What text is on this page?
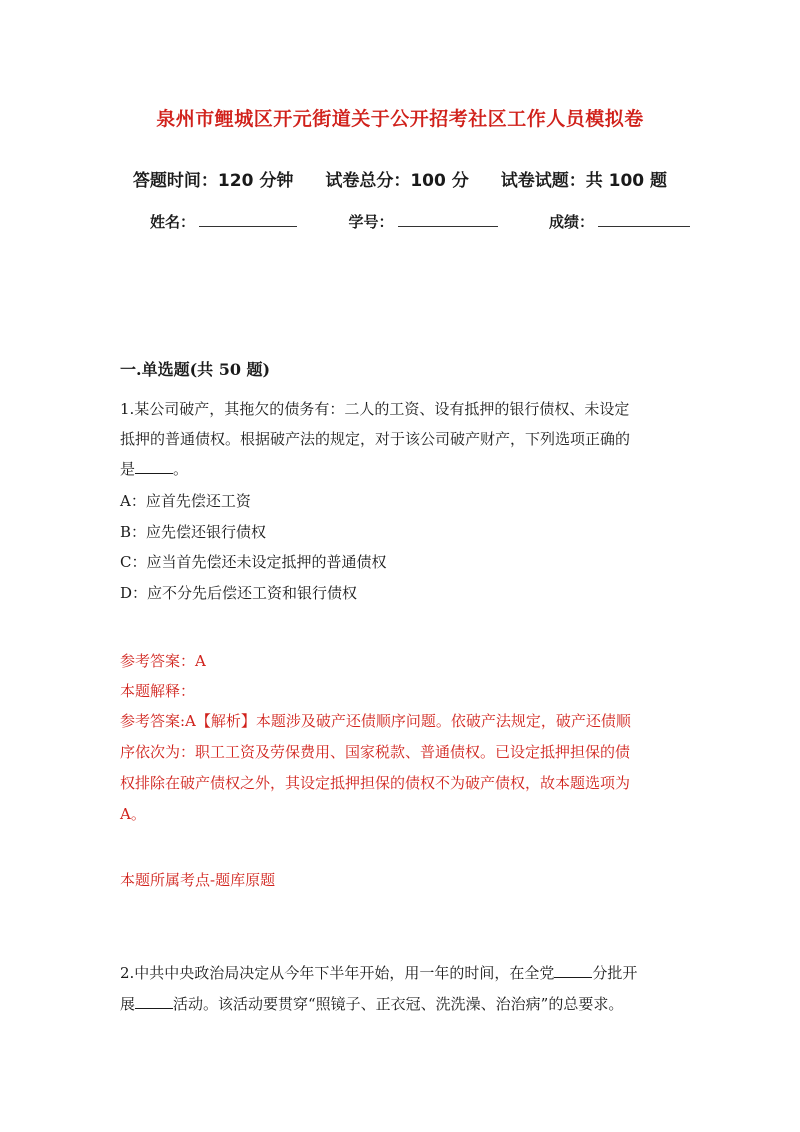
泉州市鲤城区开元街道关于公开招考社区工作人员模拟卷
答题时间：120 分钟 试卷总分：100 分 试卷试题：共 100 题
姓名：	学号：	成绩：
一.单选题(共 50 题)
1.某公司破产，其拖欠的债务有：二人的工资、设有抵押的银行债权、未设定
抵押的普通债权。根据破产法的规定，对于该公司破产财产，下列选项正确的
是	。
A：应首先偿还工资
B：应先偿还银行债权
C：应当首先偿还未设定抵押的普通债权
D：应不分先后偿还工资和银行债权
参考答案：A
本题解释：
参考答案:A【解析】本题涉及破产还债顺序问题。依破产法规定，破产还债顺
序依次为：职工工资及劳保费用、国家税款、普通债权。已设定抵押担保的债
权排除在破产债权之外，其设定抵押担保的债权不为破产债权，故本题选项为
A。
本题所属考点-题库原题
2.中共中央政治局决定从今年下半年开始，用一年的时间，在全党	分批开
展	活动。该活动要贯穿“照镜子、正衣冠、洗洗澡、治治病”的总要求。
